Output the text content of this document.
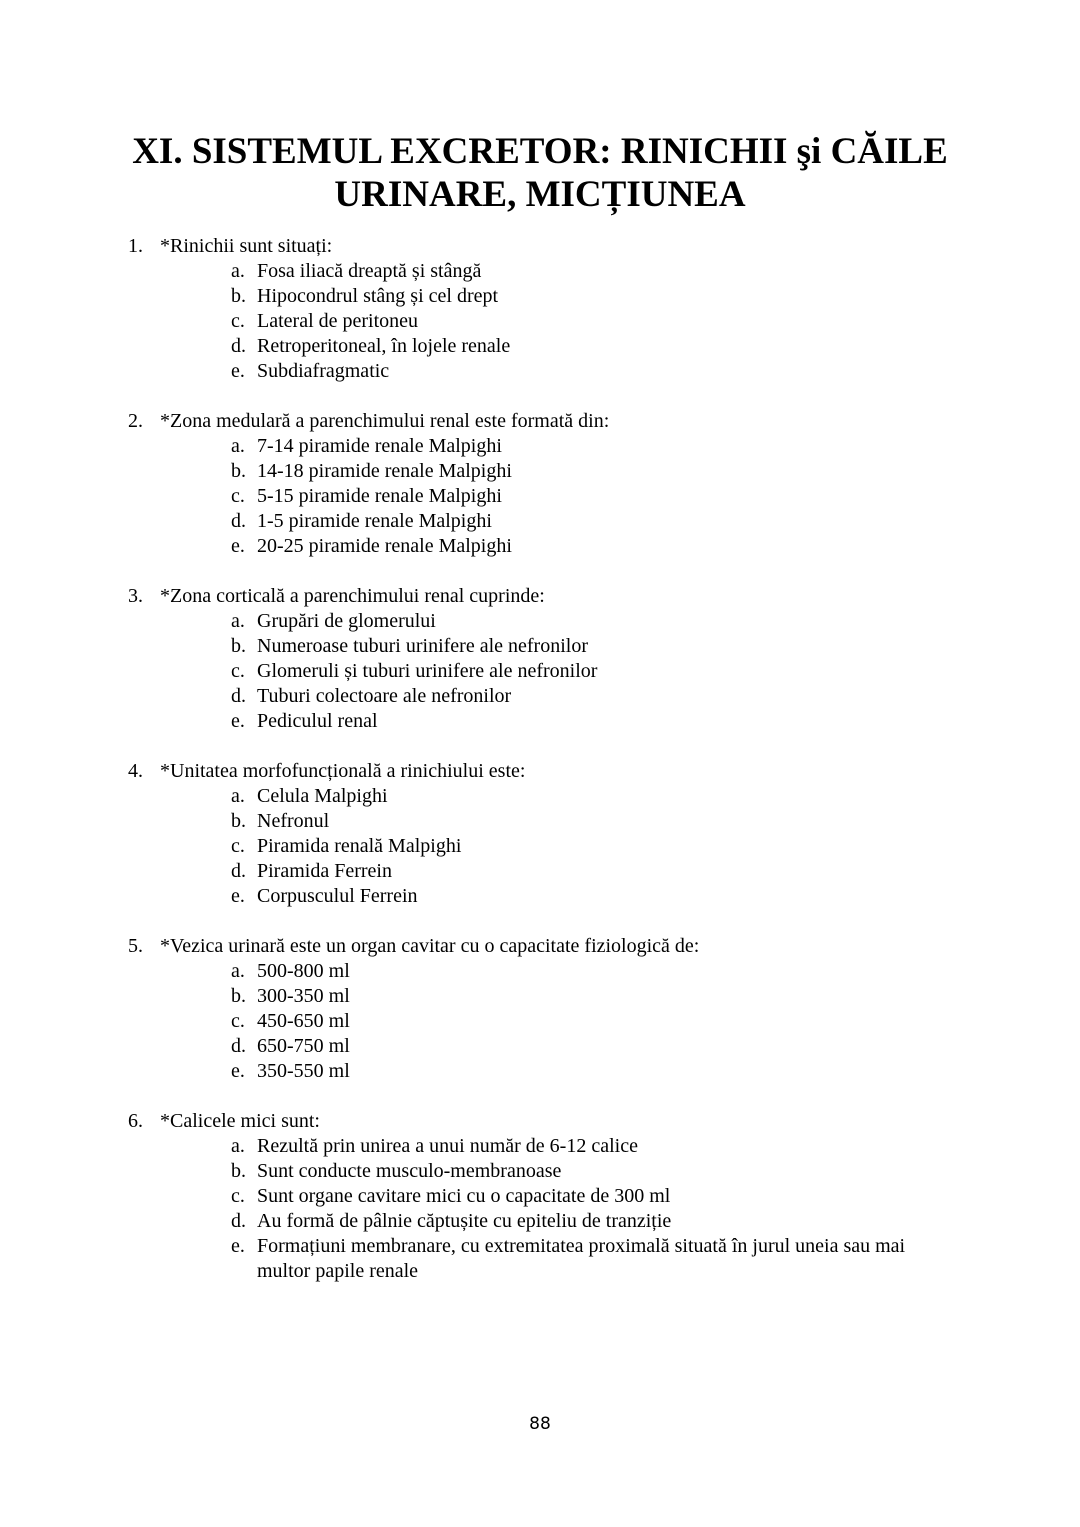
XI. SISTEMUL EXCRETOR: RINICHII şi CĂILE
URINARE, MICȚIUNEA
1. *Rinichii sunt situați:
a. Fosa iliacă dreaptă și stângă
b. Hipocondrul stâng și cel drept
c. Lateral de peritoneu
d. Retroperitoneal, în lojele renale
e. Subdiafragmatic
2. *Zona medulară a parenchimului renal este formată din:
a. 7-14 piramide renale Malpighi
b. 14-18 piramide renale Malpighi
c. 5-15 piramide renale Malpighi
d. 1-5 piramide renale Malpighi
e. 20-25 piramide renale Malpighi
3. *Zona corticală a parenchimului renal cuprinde:
a. Grupări de glomerului
b. Numeroase tuburi urinifere ale nefronilor
c. Glomeruli și tuburi urinifere ale nefronilor
d. Tuburi colectoare ale nefronilor
e. Pediculul renal
4. *Unitatea morfofuncțională a rinichiului este:
a. Celula Malpighi
b. Nefronul
c. Piramida renală Malpighi
d. Piramida Ferrein
e. Corpusculul Ferrein
5. *Vezica urinară este un organ cavitar cu o capacitate fiziologică de:
a. 500-800 ml
b. 300-350 ml
c. 450-650 ml
d. 650-750 ml
e. 350-550 ml
6. *Calicele mici sunt:
a. Rezultă prin unirea a unui număr de 6-12 calice
b. Sunt conducte musculo-membranoase
c. Sunt organe cavitare mici cu o capacitate de 300 ml
d. Au formă de pâlnie căptușite cu epiteliu de tranziție
e. Formațiuni membranare, cu extremitatea proximală situată în jurul uneia sau mai multor papile renale
88
